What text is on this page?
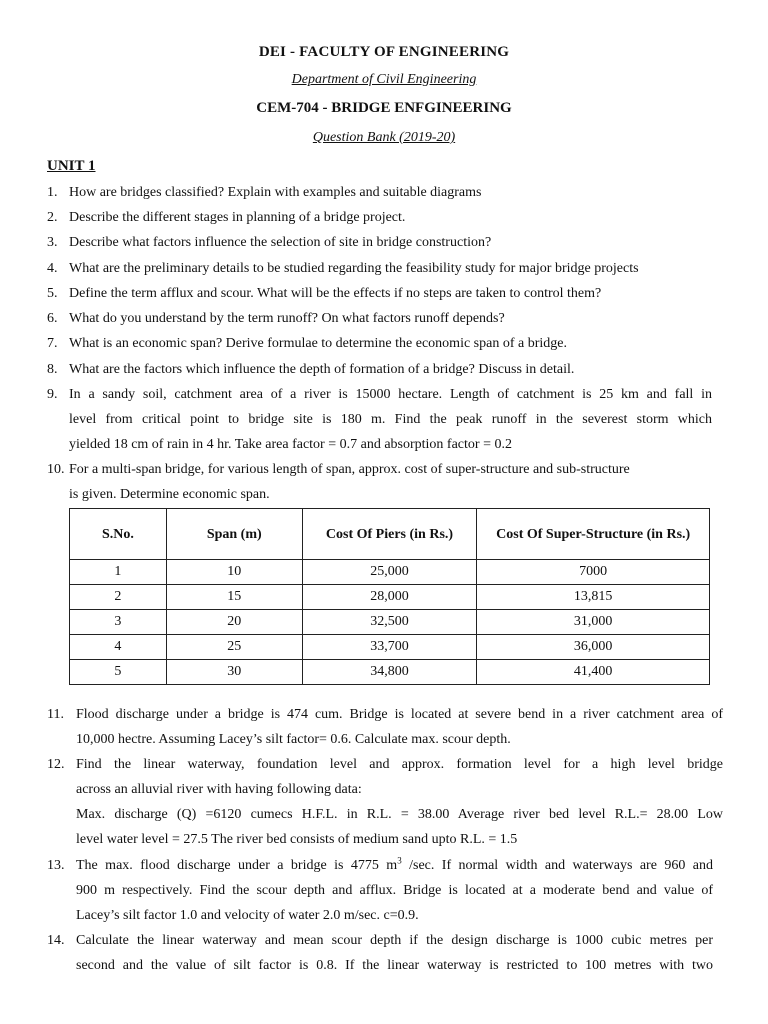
DEI - FACULTY OF ENGINEERING
Department of Civil Engineering
CEM-704 - BRIDGE ENFGINEERING
Question Bank (2019-20)
UNIT 1
1. How are bridges classified? Explain with examples and suitable diagrams
2. Describe the different stages in planning of a bridge project.
3. Describe what factors influence the selection of site in bridge construction?
4. What are the preliminary details to be studied regarding the feasibility study for major bridge projects
5. Define the term afflux and scour. What will be the effects if no steps are taken to control them?
6. What do you understand by the term runoff? On what factors runoff depends?
7. What is an economic span? Derive formulae to determine the economic span of a bridge.
8. What are the factors which influence the depth of formation of a bridge? Discuss in detail.
9. In a sandy soil, catchment area of a river is 15000 hectare. Length of catchment is 25 km and fall in
level from critical point to bridge site is 180 m. Find the peak runoff in the severest storm which
yielded 18 cm of rain in 4 hr. Take area factor = 0.7 and absorption factor = 0.2
10. For a multi-span bridge, for various length of span, approx. cost of super-structure and sub-structure
is given. Determine economic span.
S.No.	Span (m)	Cost Of Piers (in Rs.)	Cost Of Super-Structure (in Rs.)
1	10	25,000	7000
2	15	28,000	13,815
3	20	32,500	31,000
4	25	33,700	36,000
5	30	34,800	41,400
11. Flood discharge under a bridge is 474 cum. Bridge is located at severe bend in a river catchment area of
10,000 hectre. Assuming Lacey’s silt factor= 0.6. Calculate max. scour depth.
12. Find the linear waterway, foundation level and approx. formation level for a high level bridge
across an alluvial river with having following data:
Max. discharge (Q) =6120 cumecs H.F.L. in R.L. = 38.00 Average river bed level R.L.= 28.00 Low
level water level = 27.5 The river bed consists of medium sand upto R.L. = 1.5
13. The max. flood discharge under a bridge is 4775 $m^3$ /sec. If normal width and waterways are 960 and
900 m respectively. Find the scour depth and afflux. Bridge is located at a moderate bend and value of
Lacey’s silt factor 1.0 and velocity of water 2.0 m/sec. c=0.9.
14. Calculate the linear waterway and mean scour depth if the design discharge is 1000 cubic metres per
second and the value of silt factor is 0.8. If the linear waterway is restricted to 100 metres with two
